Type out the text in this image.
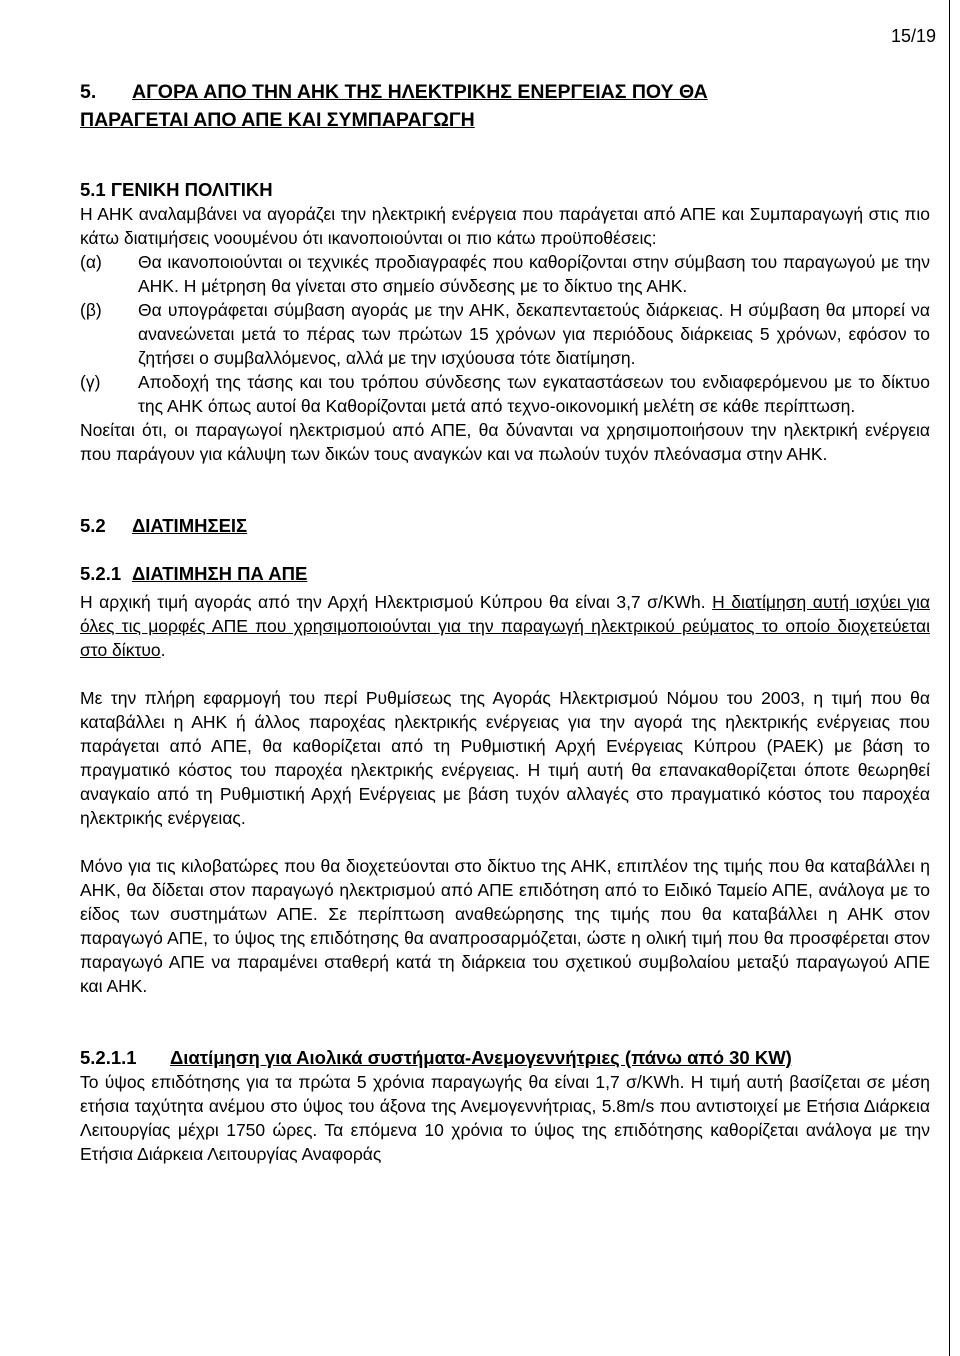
15/19
5. ΑΓΟΡΑ ΑΠΟ ΤΗΝ ΑΗΚ ΤΗΣ ΗΛΕΚΤΡΙΚΗΣ ΕΝΕΡΓΕΙΑΣ ΠΟΥ ΘΑ
ΠΑΡΑΓΕΤΑΙ ΑΠΟ ΑΠΕ ΚΑΙ ΣΥΜΠΑΡΑΓΩΓΗ
5.1 ΓΕΝΙΚΗ ΠΟΛΙΤΙΚΗ

Η ΑΗΚ αναλαμβάνει να αγοράζει την ηλεκτρική ενέργεια που παράγεται από ΑΠΕ και Συμπαραγωγή στις πιο κάτω διατιμήσεις νοουμένου ότι ικανοποιούνται οι πιο κάτω προϋποθέσεις:

(α)	Θα ικανοποιούνται οι τεχνικές προδιαγραφές που καθορίζονται στην σύμβαση του παραγωγού με την ΑΗΚ. Η μέτρηση θα γίνεται στο σημείο σύνδεσης με το δίκτυο της ΑΗΚ.
(β)	Θα υπογράφεται σύμβαση αγοράς με την ΑΗΚ, δεκαπενταετούς διάρκειας. Η σύμβαση θα μπορεί να ανανεώνεται μετά το πέρας των πρώτων 15 χρόνων για περιόδους διάρκειας 5 χρόνων, εφόσον το ζητήσει ο συμβαλλόμενος, αλλά με την ισχύουσα τότε διατίμηση.
(γ)	Αποδοχή της τάσης και του τρόπου σύνδεσης των εγκαταστάσεων του ενδιαφερόμενου με το δίκτυο της ΑΗΚ όπως αυτοί θα Καθορίζονται μετά από τεχνο-οικονομική μελέτη σε κάθε περίπτωση.

Νοείται ότι, οι παραγωγοί ηλεκτρισμού από ΑΠΕ, θα δύνανται να χρησιμοποιήσουν την ηλεκτρική ενέργεια που παράγουν για κάλυψη των δικών τους αναγκών και να πωλούν τυχόν πλεόνασμα στην ΑΗΚ.

5.2 ΔΙΑΤΙΜΗΣΕΙΣ
5.2.1 ΔΙΑΤΙΜΗΣΗ ΠΑ ΑΠΕ

Η αρχική τιμή αγοράς από την Αρχή Ηλεκτρισμού Κύπρου θα είναι 3,7 σ/KWh. Η διατίμηση αυτή ισχύει για όλες τις μορφές ΑΠΕ που χρησιμοποιούνται για την παραγωγή ηλεκτρικού ρεύματος το οποίο διοχετεύεται στο δίκτυο.

Με την πλήρη εφαρμογή του περί Ρυθμίσεως της Αγοράς Ηλεκτρισμού Νόμου του 2003, η τιμή που θα καταβάλλει η ΑΗΚ ή άλλος παροχέας ηλεκτρικής ενέργειας για την αγορά της ηλεκτρικής ενέργειας που παράγεται από ΑΠΕ, θα καθορίζεται από τη Ρυθμιστική Αρχή Ενέργειας Κύπρου (ΡΑΕΚ) με βάση το πραγματικό κόστος του παροχέα ηλεκτρικής ενέργειας. Η τιμή αυτή θα επανακαθορίζεται όποτε θεωρηθεί αναγκαίο από τη Ρυθμιστική Αρχή Ενέργειας με βάση τυχόν αλλαγές στο πραγματικό κόστος του παροχέα ηλεκτρικής ενέργειας.

Μόνο για τις κιλοβατώρες που θα διοχετεύονται στο δίκτυο της ΑΗΚ, επιπλέον της τιμής που θα καταβάλλει η ΑΗΚ, θα δίδεται στον παραγωγό ηλεκτρισμού από ΑΠΕ επιδότηση από το Ειδικό Ταμείο ΑΠΕ, ανάλογα με το είδος των συστημάτων ΑΠΕ. Σε περίπτωση αναθεώρησης της τιμής που θα καταβάλλει η ΑΗΚ στον παραγωγό ΑΠΕ, το ύψος της επιδότησης θα αναπροσαρμόζεται, ώστε η ολική τιμή που θα προσφέρεται στον παραγωγό ΑΠΕ να παραμένει σταθερή κατά τη διάρκεια του σχετικού συμβολαίου μεταξύ παραγωγού ΑΠΕ και ΑΗΚ.

5.2.1.1 Διατίμηση για Αιολικά συστήματα-Ανεμογεννήτριες (πάνω από 30 KW)

Το ύψος επιδότησης για τα πρώτα 5 χρόνια παραγωγής θα είναι 1,7 σ/KWh. Η τιμή αυτή βασίζεται σε μέση ετήσια ταχύτητα ανέμου στο ύψος του άξονα της Ανεμογεννήτριας, 5.8m/s που αντιστοιχεί με Ετήσια Διάρκεια Λειτουργίας μέχρι 1750 ώρες. Τα επόμενα 10 χρόνια το ύψος της επιδότησης καθορίζεται ανάλογα με την Ετήσια Διάρκεια Λειτουργίας Αναφοράς
